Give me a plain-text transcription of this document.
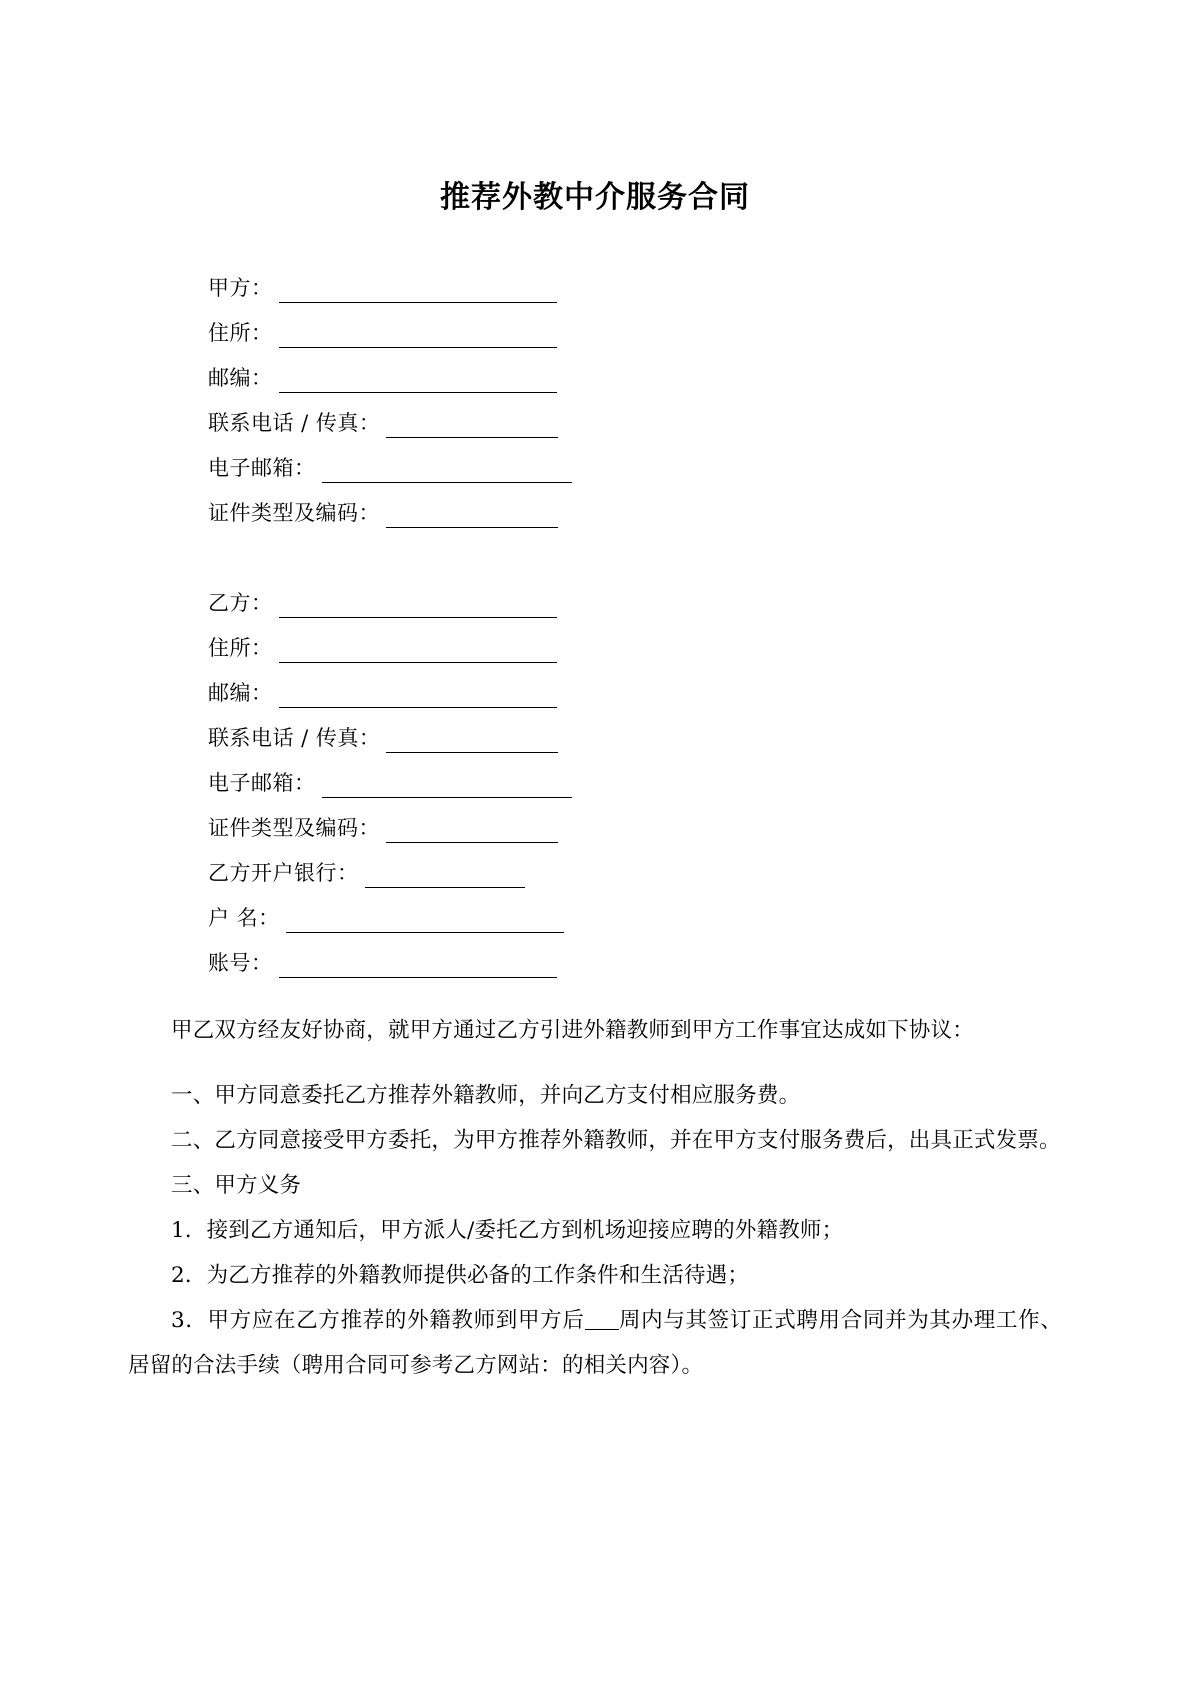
推荐外教中介服务合同
甲方：
住所：
邮编：
联系电话 / 传真：
电子邮箱：
证件类型及编码：
乙方：
住所：
邮编：
联系电话 / 传真：
电子邮箱：
证件类型及编码：
乙方开户银行：
户 名：
账号：

甲乙双方经友好协商，就甲方通过乙方引进外籍教师到甲方工作事宜达成如下协议：

一、甲方同意委托乙方推荐外籍教师，并向乙方支付相应服务费。

二、乙方同意接受甲方委托，为甲方推荐外籍教师，并在甲方支付服务费后，出具正式发票。

三、甲方义务

1．接到乙方通知后，甲方派人/委托乙方到机场迎接应聘的外籍教师；

2．为乙方推荐的外籍教师提供必备的工作条件和生活待遇；

3．甲方应在乙方推荐的外籍教师到甲方后 周内与其签订正式聘用合同并为其办理工作、居留的合法手续（聘用合同可参考乙方网站：的相关内容）。
